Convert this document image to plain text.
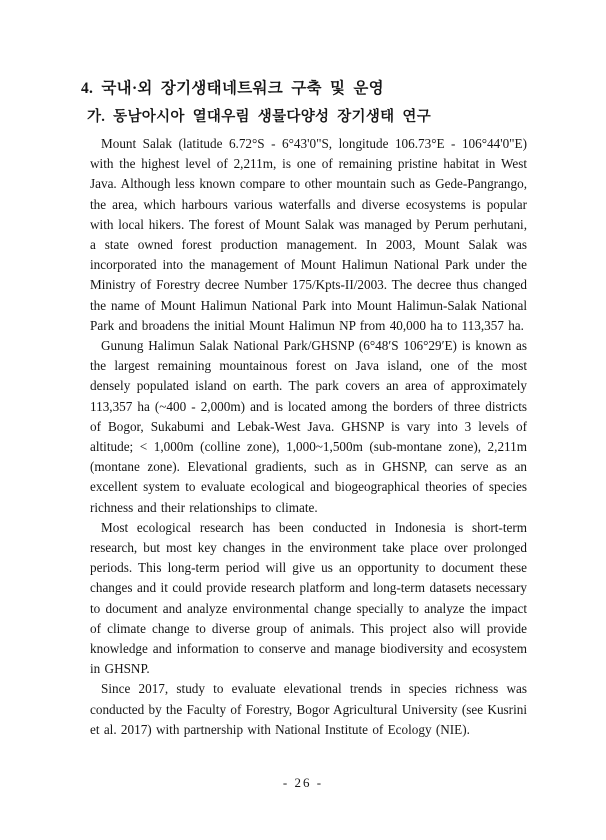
4. 국내·외 장기생태네트워크 구축 및 운영
가. 동남아시아 열대우림 생물다양성 장기생태 연구

Mount Salak (latitude 6.72°S - 6°43'0"S, longitude 106.73°E - 106°44'0"E) with the highest level of 2,211m, is one of remaining pristine habitat in West Java. Although less known compare to other mountain such as Gede-Pangrango, the area, which harbours various waterfalls and diverse ecosystems is popular with local hikers. The forest of Mount Salak was managed by Perum perhutani, a state owned forest production management. In 2003, Mount Salak was incorporated into the management of Mount Halimun National Park under the Ministry of Forestry decree Number 175/Kpts-II/2003. The decree thus changed the name of Mount Halimun National Park into Mount Halimun-Salak National Park and broadens the initial Mount Halimun NP from 40,000 ha to 113,357 ha.

Gunung Halimun Salak National Park/GHSNP (6°48′S 106°29′E) is known as the largest remaining mountainous forest on Java island, one of the most densely populated island on earth. The park covers an area of approximately 113,357 ha (~400 - 2,000m) and is located among the borders of three districts of Bogor, Sukabumi and Lebak-West Java. GHSNP is vary into 3 levels of altitude; < 1,000m (colline zone), 1,000~1,500m (sub-montane zone), 2,211m (montane zone). Elevational gradients, such as in GHSNP, can serve as an excellent system to evaluate ecological and biogeographical theories of species richness and their relationships to climate.

Most ecological research has been conducted in Indonesia is short-term research, but most key changes in the environment take place over prolonged periods. This long-term period will give us an opportunity to document these changes and it could provide research platform and long-term datasets necessary to document and analyze environmental change specially to analyze the impact of climate change to diverse group of animals. This project also will provide knowledge and information to conserve and manage biodiversity and ecosystem in GHSNP.

Since 2017, study to evaluate elevational trends in species richness was conducted by the Faculty of Forestry, Bogor Agricultural University (see Kusrini et al. 2017) with partnership with National Institute of Ecology (NIE).

- 26 -
